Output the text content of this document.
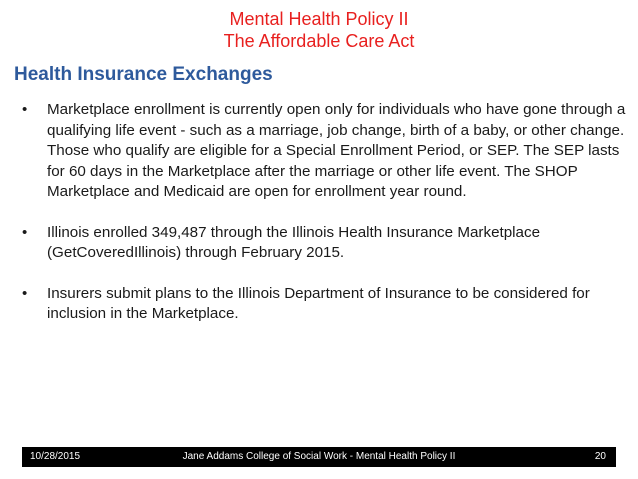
Mental Health Policy II
The Affordable Care Act
Health Insurance Exchanges
• Marketplace enrollment is currently open only for individuals who have gone through a qualifying life event - such as a marriage, job change, birth of a baby, or other change. Those who qualify are eligible for a Special Enrollment Period, or SEP. The SEP lasts for 60 days in the Marketplace after the marriage or other life event. The SHOP Marketplace and Medicaid are open for enrollment year round.
• Illinois enrolled 349,487 through the Illinois Health Insurance Marketplace (GetCoveredIllinois) through February 2015.
• Insurers submit plans to the Illinois Department of Insurance to be considered for inclusion in the Marketplace.
10/28/2015	Jane Addams College of Social Work - Mental Health Policy II	20
